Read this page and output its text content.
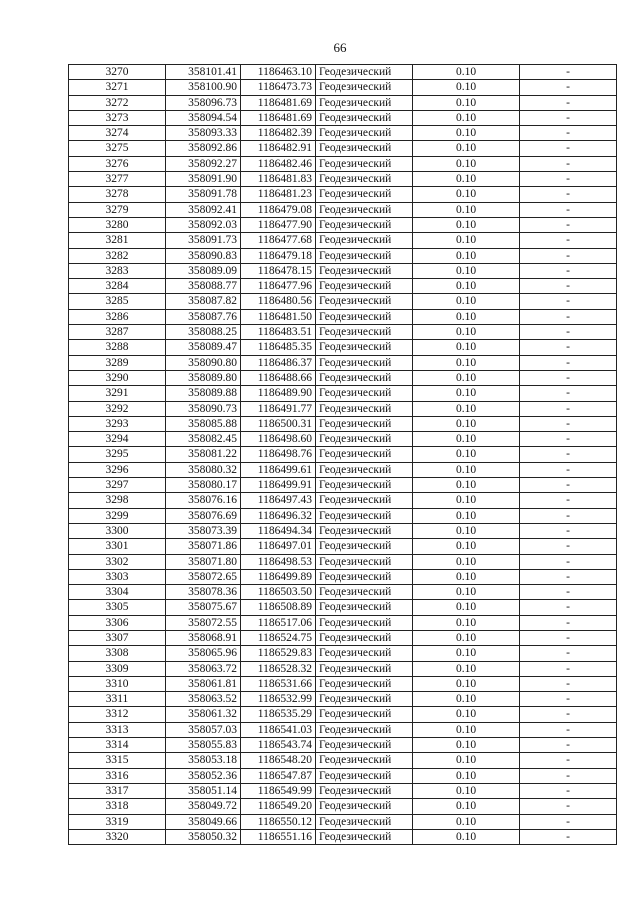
66
3270	358101.41	1186463.10	Геодезический	0.10	-
3271	358100.90	1186473.73	Геодезический	0.10	-
3272	358096.73	1186481.69	Геодезический	0.10	-
3273	358094.54	1186481.69	Геодезический	0.10	-
3274	358093.33	1186482.39	Геодезический	0.10	-
3275	358092.86	1186482.91	Геодезический	0.10	-
3276	358092.27	1186482.46	Геодезический	0.10	-
3277	358091.90	1186481.83	Геодезический	0.10	-
3278	358091.78	1186481.23	Геодезический	0.10	-
3279	358092.41	1186479.08	Геодезический	0.10	-
3280	358092.03	1186477.90	Геодезический	0.10	-
3281	358091.73	1186477.68	Геодезический	0.10	-
3282	358090.83	1186479.18	Геодезический	0.10	-
3283	358089.09	1186478.15	Геодезический	0.10	-
3284	358088.77	1186477.96	Геодезический	0.10	-
3285	358087.82	1186480.56	Геодезический	0.10	-
3286	358087.76	1186481.50	Геодезический	0.10	-
3287	358088.25	1186483.51	Геодезический	0.10	-
3288	358089.47	1186485.35	Геодезический	0.10	-
3289	358090.80	1186486.37	Геодезический	0.10	-
3290	358089.80	1186488.66	Геодезический	0.10	-
3291	358089.88	1186489.90	Геодезический	0.10	-
3292	358090.73	1186491.77	Геодезический	0.10	-
3293	358085.88	1186500.31	Геодезический	0.10	-
3294	358082.45	1186498.60	Геодезический	0.10	-
3295	358081.22	1186498.76	Геодезический	0.10	-
3296	358080.32	1186499.61	Геодезический	0.10	-
3297	358080.17	1186499.91	Геодезический	0.10	-
3298	358076.16	1186497.43	Геодезический	0.10	-
3299	358076.69	1186496.32	Геодезический	0.10	-
3300	358073.39	1186494.34	Геодезический	0.10	-
3301	358071.86	1186497.01	Геодезический	0.10	-
3302	358071.80	1186498.53	Геодезический	0.10	-
3303	358072.65	1186499.89	Геодезический	0.10	-
3304	358078.36	1186503.50	Геодезический	0.10	-
3305	358075.67	1186508.89	Геодезический	0.10	-
3306	358072.55	1186517.06	Геодезический	0.10	-
3307	358068.91	1186524.75	Геодезический	0.10	-
3308	358065.96	1186529.83	Геодезический	0.10	-
3309	358063.72	1186528.32	Геодезический	0.10	-
3310	358061.81	1186531.66	Геодезический	0.10	-
3311	358063.52	1186532.99	Геодезический	0.10	-
3312	358061.32	1186535.29	Геодезический	0.10	-
3313	358057.03	1186541.03	Геодезический	0.10	-
3314	358055.83	1186543.74	Геодезический	0.10	-
3315	358053.18	1186548.20	Геодезический	0.10	-
3316	358052.36	1186547.87	Геодезический	0.10	-
3317	358051.14	1186549.99	Геодезический	0.10	-
3318	358049.72	1186549.20	Геодезический	0.10	-
3319	358049.66	1186550.12	Геодезический	0.10	-
3320	358050.32	1186551.16	Геодезический	0.10	-
